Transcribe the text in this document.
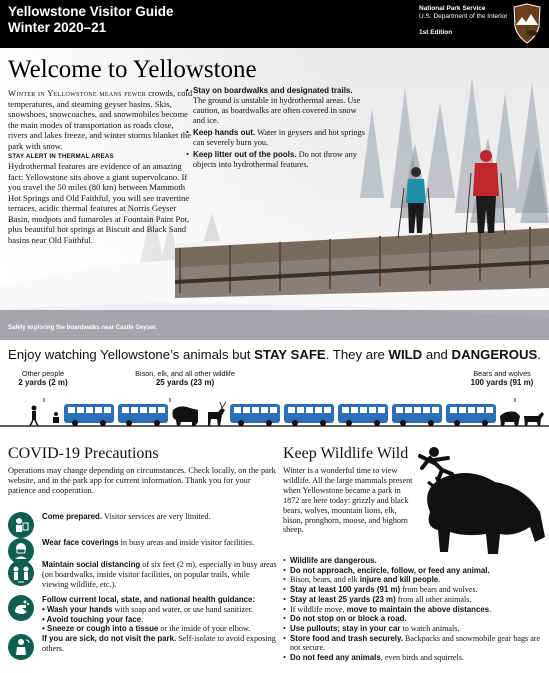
Yellowstone Visitor Guide
Winter 2020–21
National Park Service
U.S. Department of the Interior
1st Edition
Welcome to Yellowstone
Winter in Yellowstone means fewer crowds, cold temperatures, and steaming geyser basins. Skis, snowshoes, snowcoaches, and snowmobiles become the main modes of transportation as roads close, rivers and lakes freeze, and winter storms blanket the park with snow.
STAY ALERT IN THERMAL AREAS
Hydrothermal features are evidence of an amazing fact: Yellowstone sits above a giant supervolcano. If you travel the 50 miles (80 km) between Mammoth Hot Springs and Old Faithful, you will see travertine terraces, acidic thermal features at Norris Geyser Basin, mudpots and fumaroles at Fountain Paint Pot, plus beautiful hot springs at Biscuit and Black Sand basins near Old Faithful.
• Stay on boardwalks and designated trails. The ground is unstable in hydrothermal areas. Use caution, as boardwalks are often covered in snow and ice.
• Keep hands out. Water in geysers and hot springs can severely burn you.
• Keep litter out of the pools. Do not throw any objects into hydrothermal features.
Safely exploring the boardwalks near Castle Geyser.
Enjoy watching Yellowstone’s animals but STAY SAFE. They are WILD and DANGEROUS.
Other people
2 yards (2 m)
Bison, elk, and all other wildlife
25 yards (23 m)
Bears and wolves
100 yards (91 m)
COVID-19 Precautions
Operations may change depending on circumstances. Check locally, on the park website, and in the park app for current information. Thank you for your patience and cooperation.
Come prepared. Visitor services are very limited.
Wear face coverings in busy areas and inside visitor facilities.
Maintain social distancing of six feet (2 m), especially in busy areas (on boardwalks, inside visitor facilities, on popular trails, while viewing wildlife, etc.).
Follow current local, state, and national health guidance:
• Wash your hands with soap and water, or use hand sanitizer.
• Avoid touching your face.
• Sneeze or cough into a tissue or the inside of your elbow.
If you are sick, do not visit the park. Self-isolate to avoid exposing others.
Keep Wildlife Wild
Winter is a wonderful time to view wildlife. All the large mammals present when Yellowstone became a park in 1872 are here today: grizzly and black bears, wolves, mountain lions, elk, bison, pronghorn, moose, and bighorn sheep.
• Wildlife are dangerous.
• Do not approach, encircle, follow, or feed any animal.
• Bison, bears, and elk injure and kill people.
• Stay at least 100 yards (91 m) from bears and wolves.
• Stay at least 25 yards (23 m) from all other animals.
• If wildlife move, move to maintain the above distances.
• Do not stop on or block a road.
• Use pullouts; stay in your car to watch animals.
• Store food and trash securely. Backpacks and snowmobile gear bags are not secure.
• Do not feed any animals, even birds and squirrels.
